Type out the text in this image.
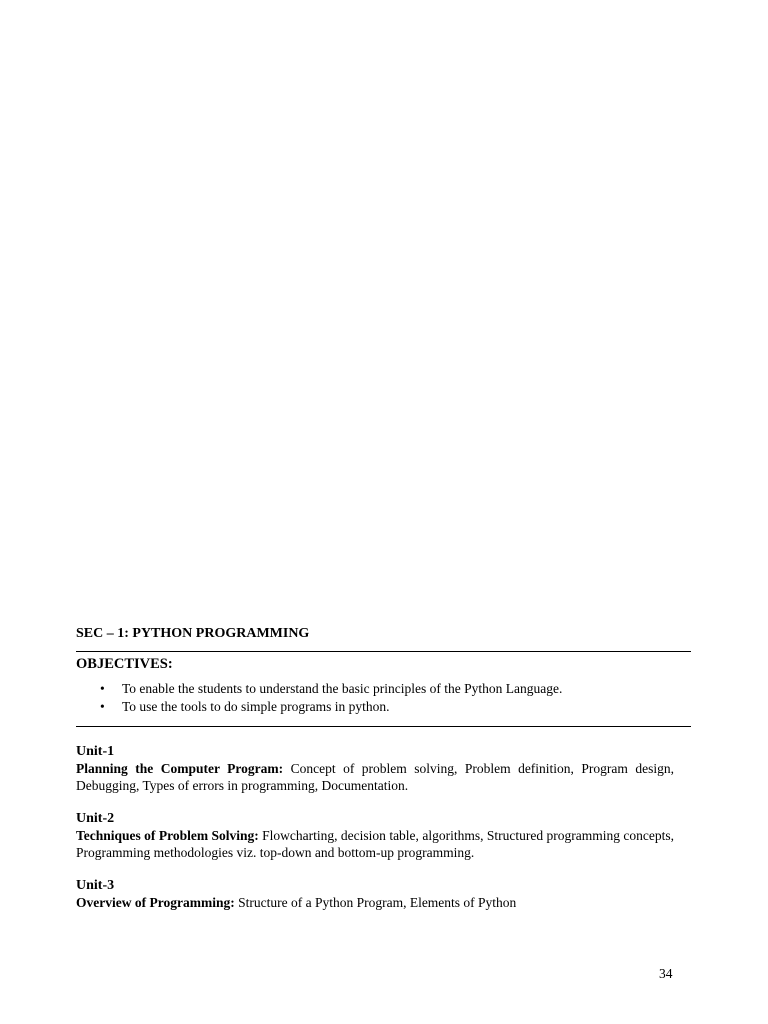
SEC – 1: PYTHON PROGRAMMING
OBJECTIVES:
• To enable the students to understand the basic principles of the Python Language.
• To use the tools to do simple programs in python.
Unit-1
Planning the Computer Program: Concept of problem solving, Problem definition, Program design, Debugging, Types of errors in programming, Documentation.
Unit-2
Techniques of Problem Solving: Flowcharting, decision table, algorithms, Structured programming concepts, Programming methodologies viz. top-down and bottom-up programming.
Unit-3
Overview of Programming: Structure of a Python Program, Elements of Python
34
